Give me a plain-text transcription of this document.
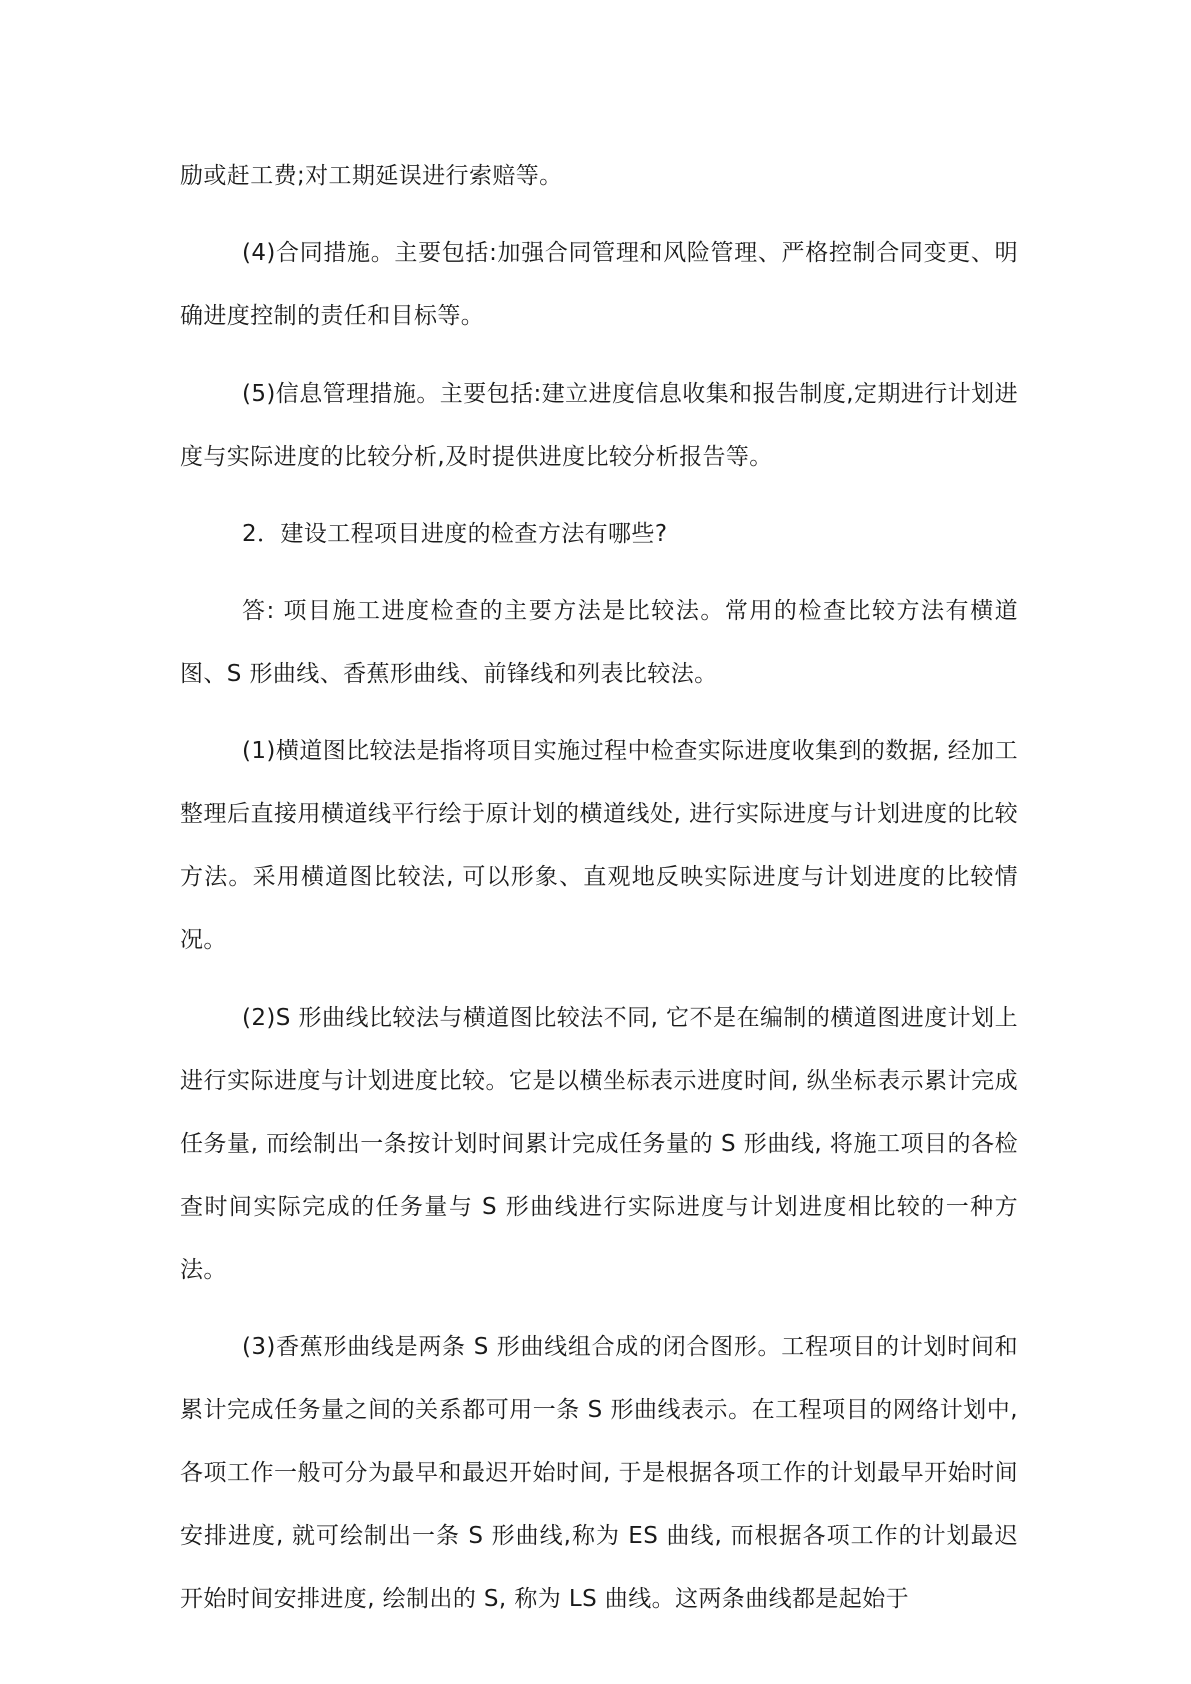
励或赶工费;对工期延误进行索赔等。

(4)合同措施。主要包括:加强合同管理和风险管理、严格控制合同变更、明确进度控制的责任和目标等。

(5)信息管理措施。主要包括:建立进度信息收集和报告制度,定期进行计划进度与实际进度的比较分析,及时提供进度比较分析报告等。

2．建设工程项目进度的检查方法有哪些?

答: 项目施工进度检查的主要方法是比较法。常用的检查比较方法有横道图、S 形曲线、香蕉形曲线、前锋线和列表比较法。

(1)横道图比较法是指将项目实施过程中检查实际进度收集到的数据, 经加工整理后直接用横道线平行绘于原计划的横道线处, 进行实际进度与计划进度的比较方法。采用横道图比较法, 可以形象、直观地反映实际进度与计划进度的比较情况。

(2)S 形曲线比较法与横道图比较法不同, 它不是在编制的横道图进度计划上进行实际进度与计划进度比较。它是以横坐标表示进度时间, 纵坐标表示累计完成任务量, 而绘制出一条按计划时间累计完成任务量的 S 形曲线, 将施工项目的各检查时间实际完成的任务量与 S 形曲线进行实际进度与计划进度相比较的一种方法。

(3)香蕉形曲线是两条 S 形曲线组合成的闭合图形。工程项目的计划时间和累计完成任务量之间的关系都可用一条 S 形曲线表示。在工程项目的网络计划中, 各项工作一般可分为最早和最迟开始时间, 于是根据各项工作的计划最早开始时间安排进度, 就可绘制出一条 S 形曲线,称为 ES 曲线, 而根据各项工作的计划最迟开始时间安排进度, 绘制出的 S, 称为 LS 曲线。这两条曲线都是起始于
